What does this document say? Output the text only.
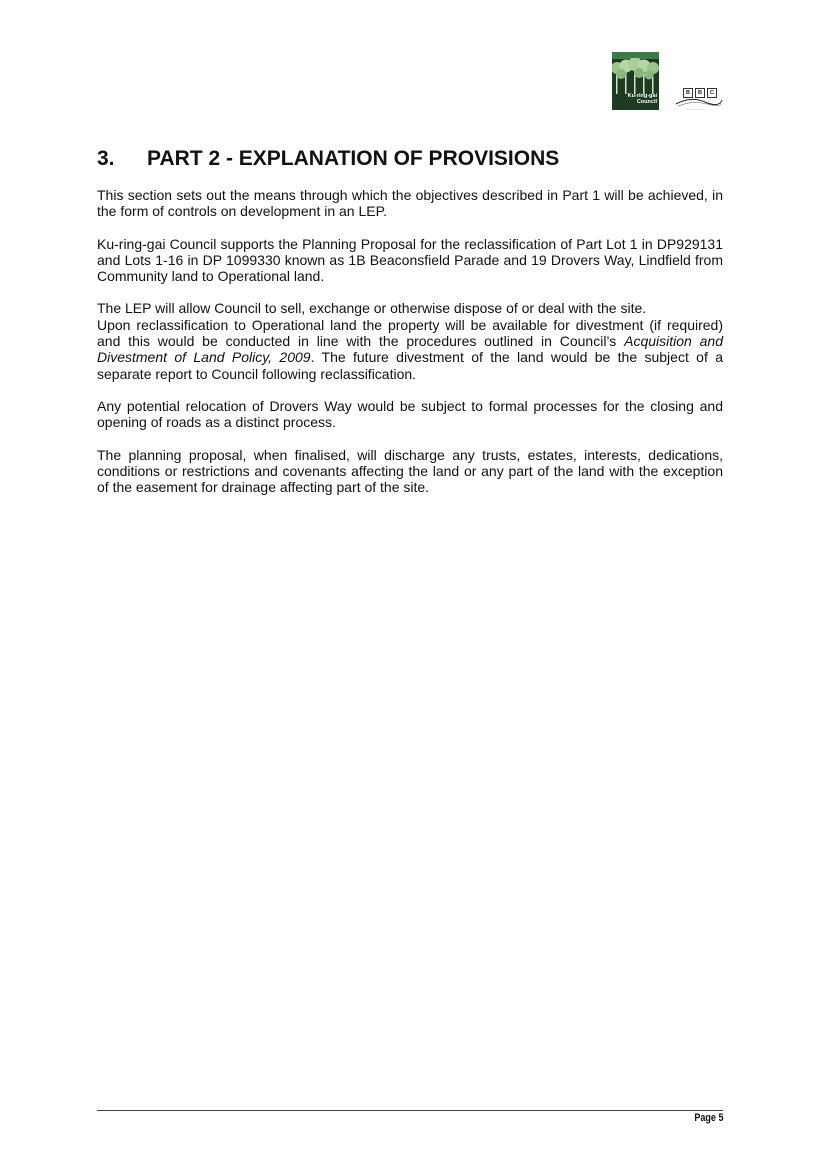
Ku-ring-gai
Council
B	B	C
──────────
3.	PART 2 - EXPLANATION OF PROVISIONS

This section sets out the means through which the objectives described in Part 1 will be achieved, in the form of controls on development in an LEP.

Ku-ring-gai Council supports the Planning Proposal for the reclassification of Part Lot 1 in DP929131 and Lots 1-16 in DP 1099330 known as 1B Beaconsfield Parade and 19 Drovers Way, Lindfield from Community land to Operational land.

The LEP will allow Council to sell, exchange or otherwise dispose of or deal with the site.

Upon reclassification to Operational land the property will be available for divestment (if required) and this would be conducted in line with the procedures outlined in Council’s Acquisition and Divestment of Land Policy, 2009. The future divestment of the land would be the subject of a separate report to Council following reclassification.

Any potential relocation of Drovers Way would be subject to formal processes for the closing and opening of roads as a distinct process.

The planning proposal, when finalised, will discharge any trusts, estates, interests, dedications, conditions or restrictions and covenants affecting the land or any part of the land with the exception of the easement for drainage affecting part of the site.

Page 5
